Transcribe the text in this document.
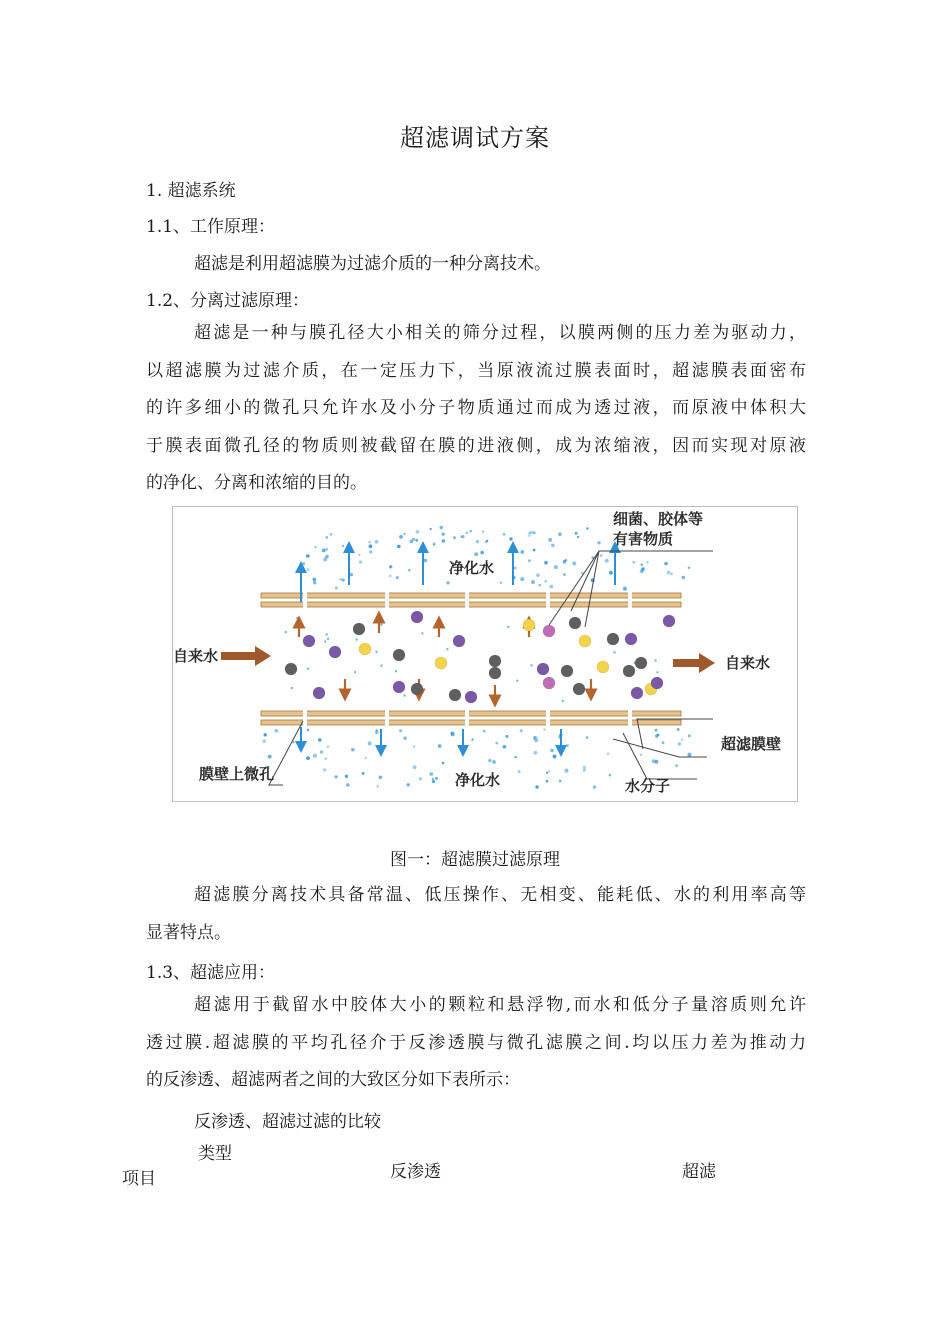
超滤调试方案
1. 超滤系统
1.1、工作原理：
超滤是利用超滤膜为过滤介质的一种分离技术。
1.2、分离过滤原理：
超滤是一种与膜孔径大小相关的筛分过程，以膜两侧的压力差为驱动力，
以超滤膜为过滤介质，在一定压力下，当原液流过膜表面时，超滤膜表面密布
的许多细小的微孔只允许水及小分子物质通过而成为透过液，而原液中体积大
于膜表面微孔径的物质则被截留在膜的进液侧，成为浓缩液，因而实现对原液
的净化、分离和浓缩的目的。
细菌、胶体等
有害物质
净化水
净化水
自来水	自来水
超滤膜壁
膜壁上微孔
水分子
图一：超滤膜过滤原理
超滤膜分离技术具备常温、低压操作、无相变、能耗低、水的利用率高等
显著特点。
1.3、超滤应用：
超滤用于截留水中胶体大小的颗粒和悬浮物,而水和低分子量溶质则允许
透过膜.超滤膜的平均孔径介于反渗透膜与微孔滤膜之间.均以压力差为推动力
的反渗透、超滤两者之间的大致区分如下表所示：
反渗透、超滤过滤的比较
类型
项目	反渗透	超滤
